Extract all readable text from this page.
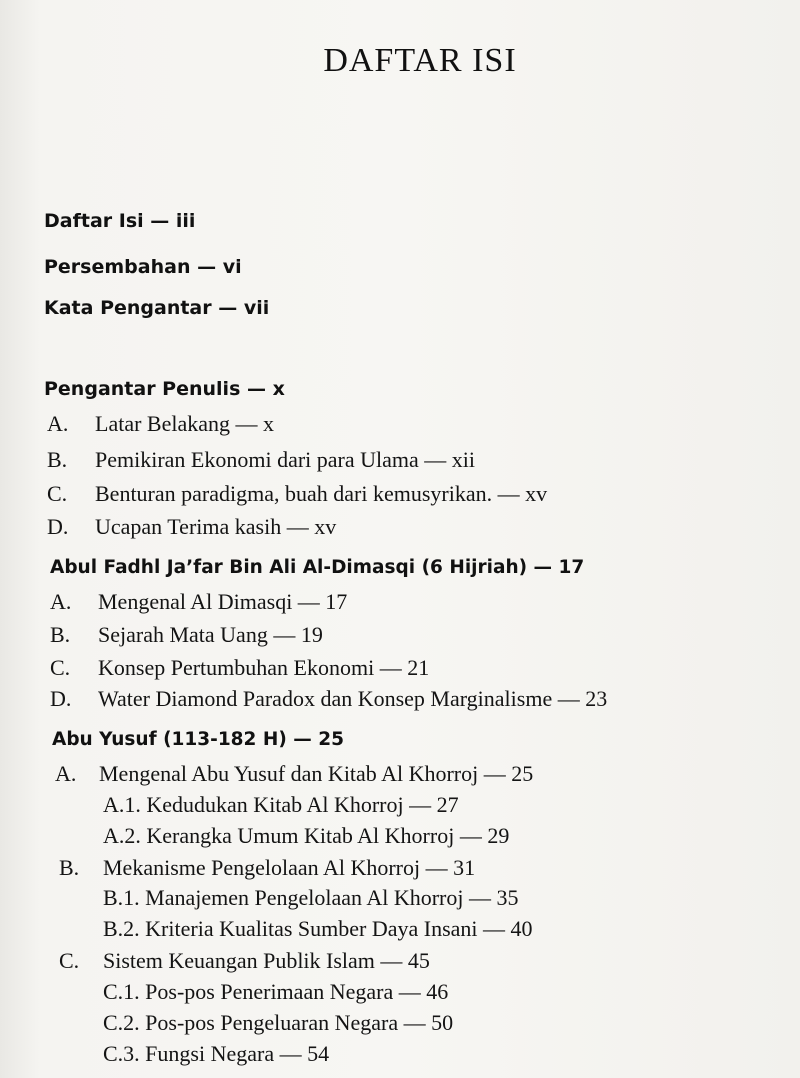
DAFTAR ISI
Daftar Isi — iii
Persembahan — vi
Kata Pengantar — vii
Pengantar Penulis — x
A. Latar Belakang — x
B. Pemikiran Ekonomi dari para Ulama — xii
C. Benturan paradigma, buah dari kemusyrikan. — xv
D. Ucapan Terima kasih — xv
Abul Fadhl Ja’far Bin Ali Al-Dimasqi (6 Hijriah) — 17
A. Mengenal Al Dimasqi — 17
B. Sejarah Mata Uang — 19
C. Konsep Pertumbuhan Ekonomi — 21
D. Water Diamond Paradox dan Konsep Marginalisme — 23
Abu Yusuf (113-182 H) — 25
A. Mengenal Abu Yusuf dan Kitab Al Khorroj — 25
A.1. Kedudukan Kitab Al Khorroj — 27
A.2. Kerangka Umum Kitab Al Khorroj — 29
B. Mekanisme Pengelolaan Al Khorroj — 31
B.1. Manajemen Pengelolaan Al Khorroj — 35
B.2. Kriteria Kualitas Sumber Daya Insani — 40
C. Sistem Keuangan Publik Islam — 45
C.1. Pos-pos Penerimaan Negara — 46
C.2. Pos-pos Pengeluaran Negara — 50
C.3. Fungsi Negara — 54
